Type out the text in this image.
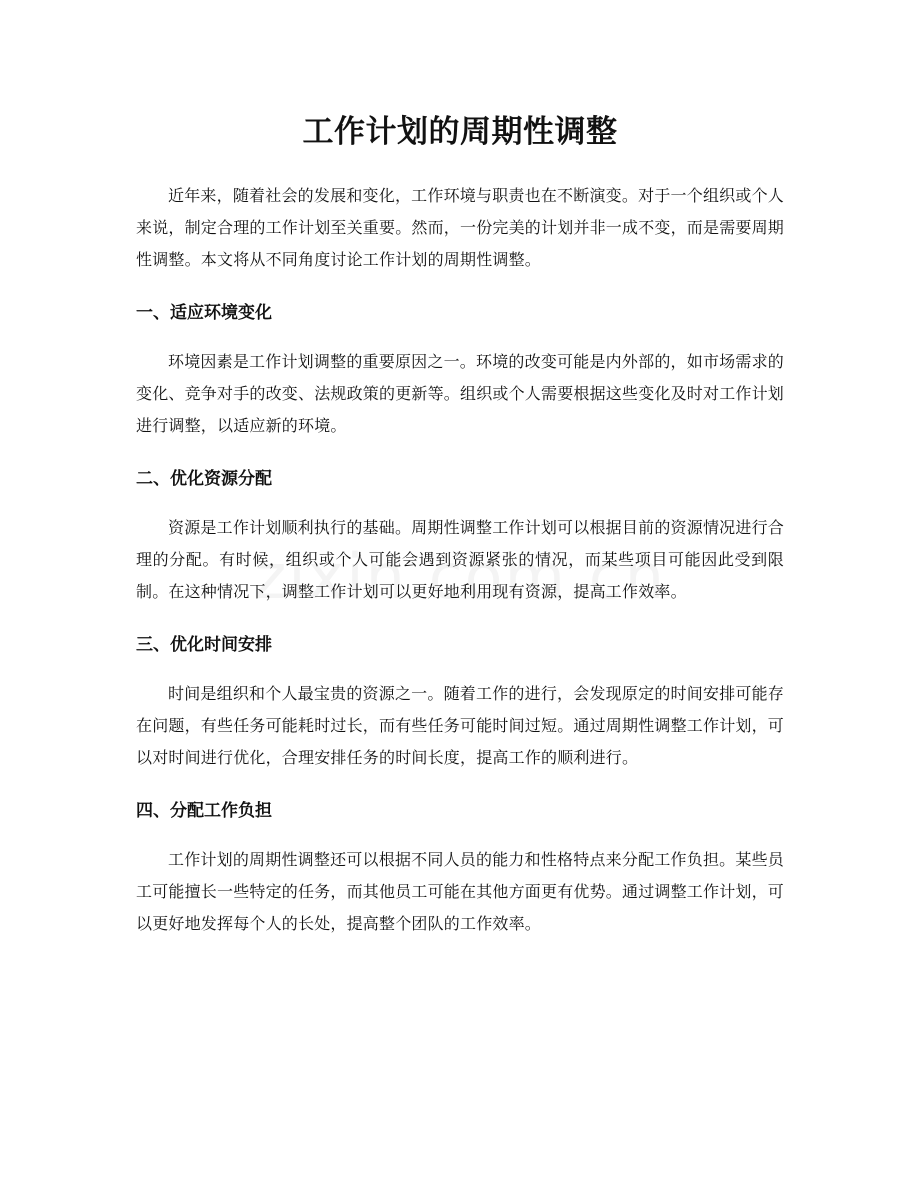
工作计划的周期性调整

近年来，随着社会的发展和变化，工作环境与职责也在不断演变。对于一个组织或个人来说，制定合理的工作计划至关重要。然而，一份完美的计划并非一成不变，而是需要周期性调整。本文将从不同角度讨论工作计划的周期性调整。

一、适应环境变化

环境因素是工作计划调整的重要原因之一。环境的改变可能是内外部的，如市场需求的变化、竞争对手的改变、法规政策的更新等。组织或个人需要根据这些变化及时对工作计划进行调整，以适应新的环境。

二、优化资源分配

资源是工作计划顺利执行的基础。周期性调整工作计划可以根据目前的资源情况进行合理的分配。有时候，组织或个人可能会遇到资源紧张的情况，而某些项目可能因此受到限制。在这种情况下，调整工作计划可以更好地利用现有资源，提高工作效率。

三、优化时间安排

时间是组织和个人最宝贵的资源之一。随着工作的进行，会发现原定的时间安排可能存在问题，有些任务可能耗时过长，而有些任务可能时间过短。通过周期性调整工作计划，可以对时间进行优化，合理安排任务的时间长度，提高工作的顺利进行。

四、分配工作负担

工作计划的周期性调整还可以根据不同人员的能力和性格特点来分配工作负担。某些员工可能擅长一些特定的任务，而其他员工可能在其他方面更有优势。通过调整工作计划，可以更好地发挥每个人的长处，提高整个团队的工作效率。
